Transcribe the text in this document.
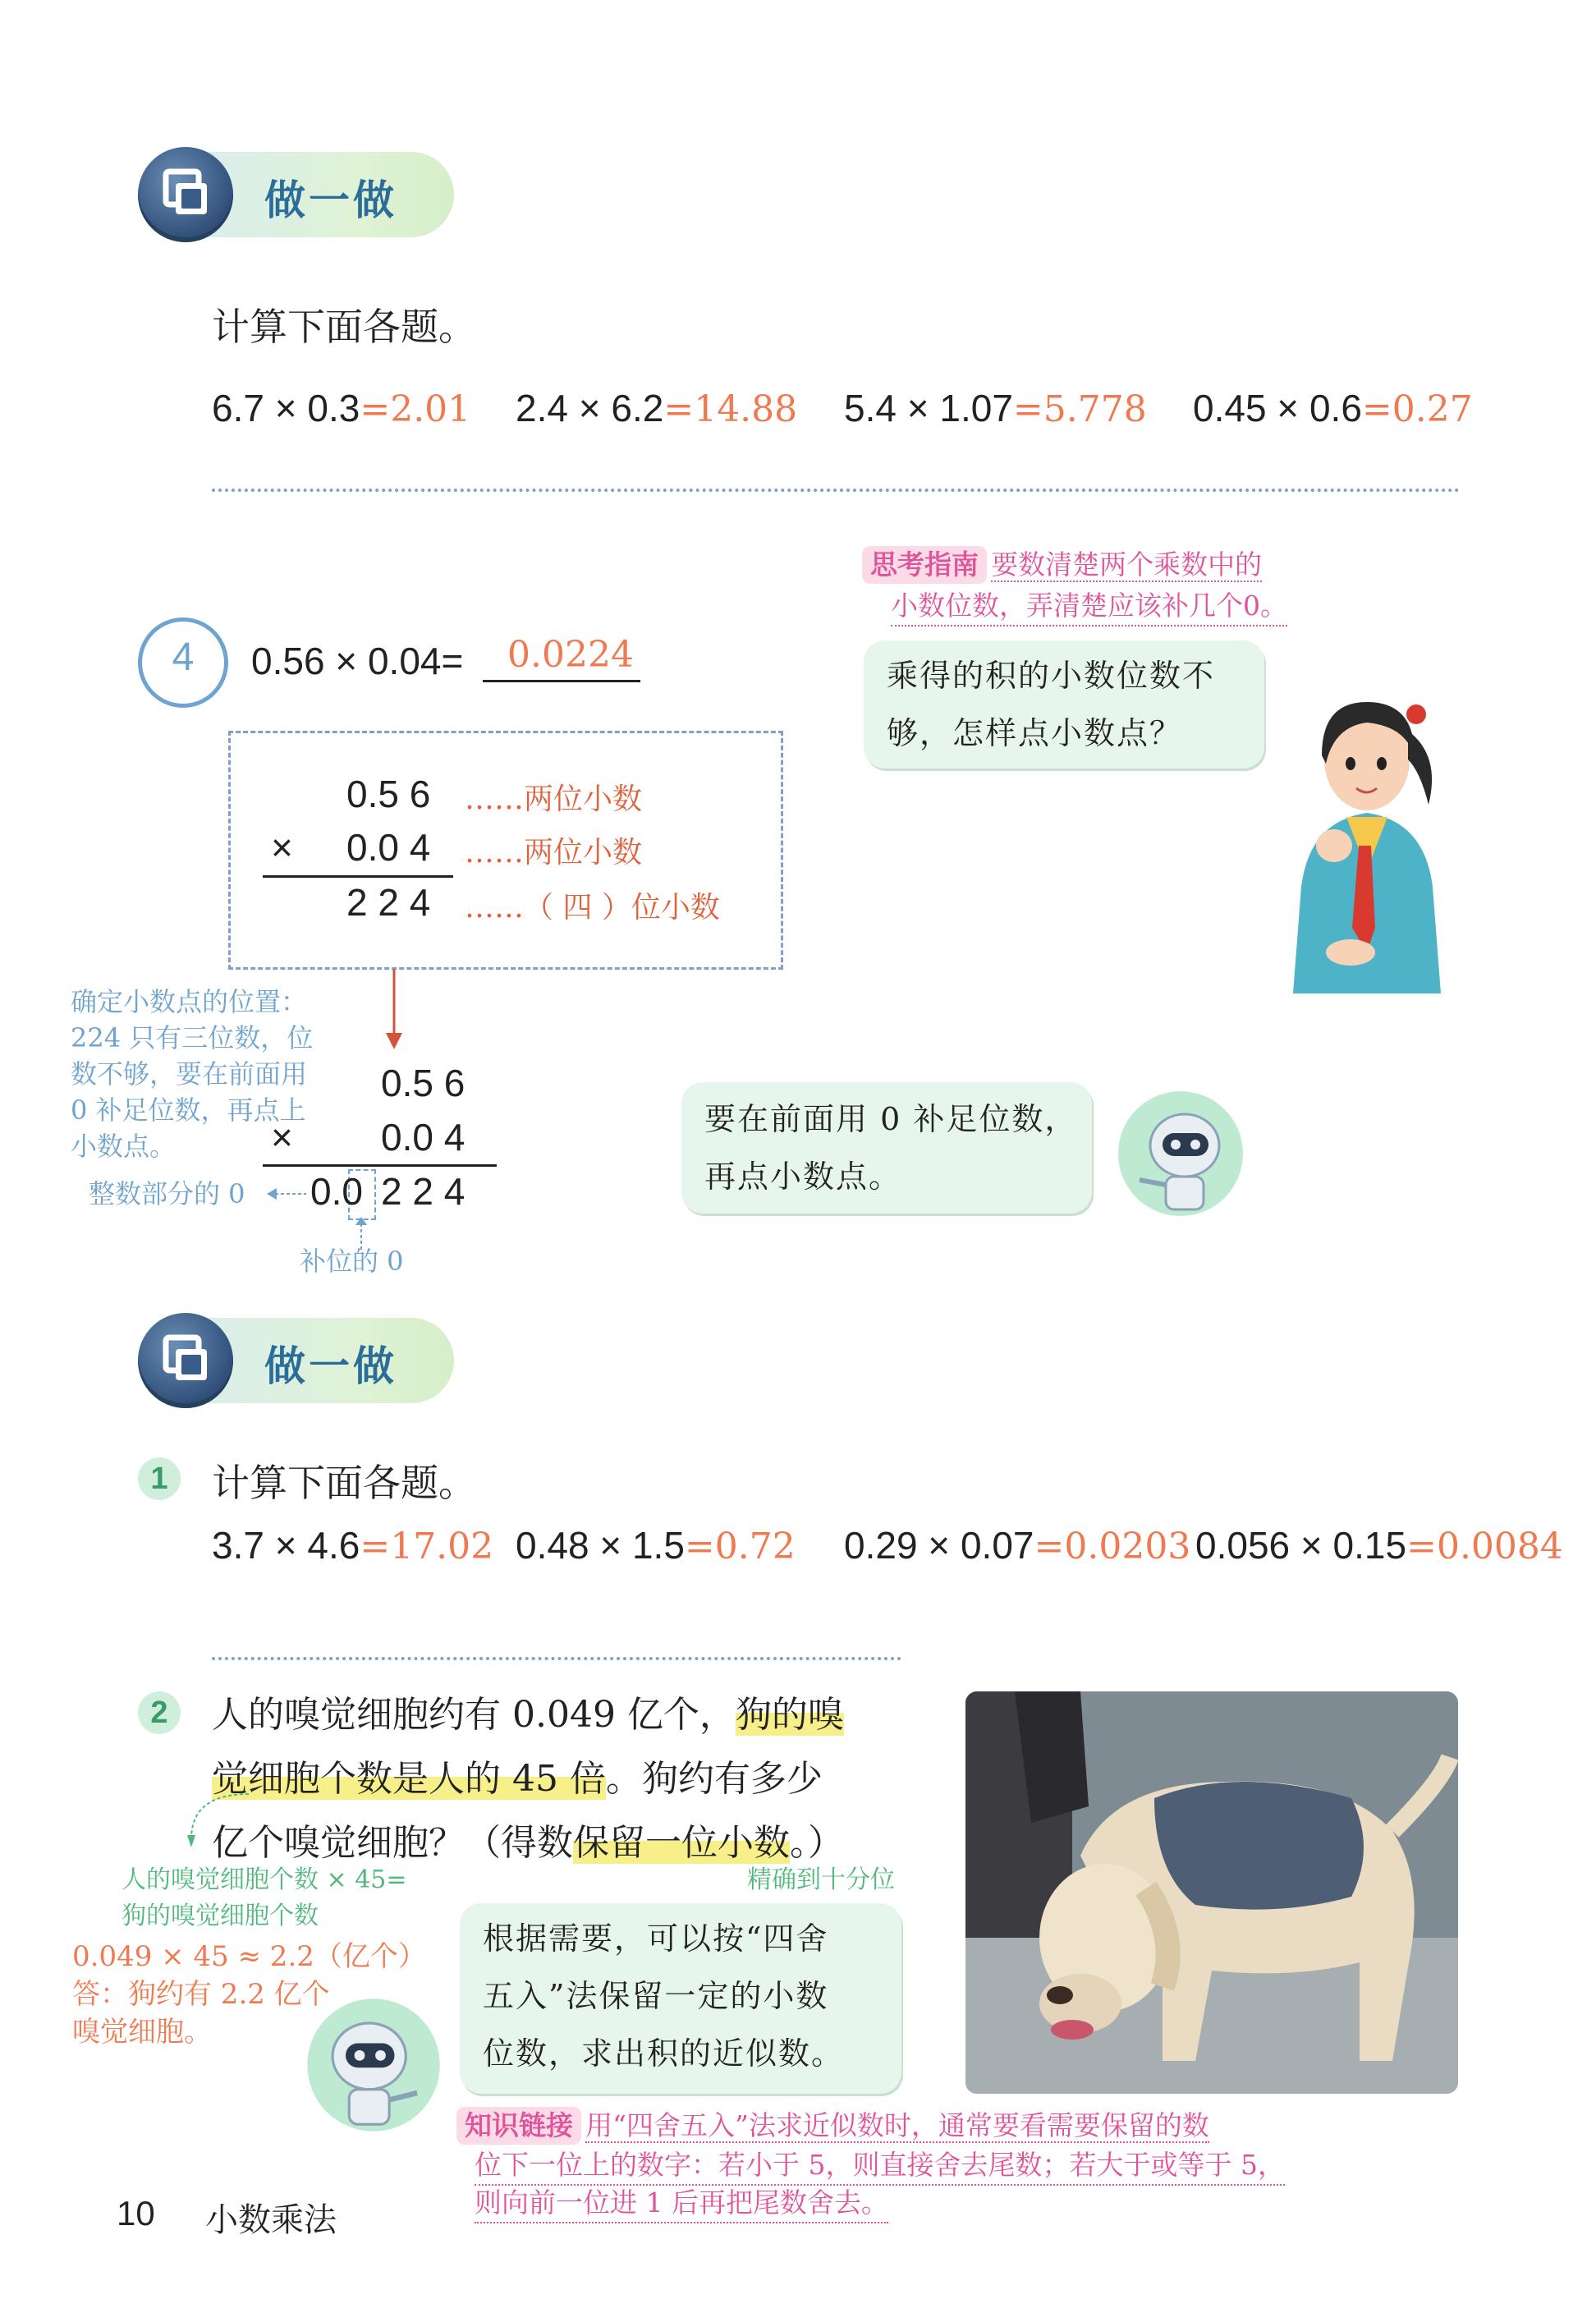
做一做
计算下面各题。
6.7 × 0.3=2.01 2.4 × 6.2=14.88 5.4 × 1.07=5.778 0.45 × 0.6=0.27
4	0.56 × 0.04= 0.0224
思考指南 要数清楚两个乘数中的
小数位数，弄清楚应该补几个0。
乘得的积的小数位数不
够，怎样点小数点？
0.5 6 ……两位小数
× 0.0 4 ……两位小数
2 2 4 ……（ 四 ）位小数
确定小数点的位置：
224 只有三位数，位
数不够，要在前面用
0 补足位数，再点上
小数点。
0.5 6
× 0.0 4
0.0 2 2 4
整数部分的 0
补位的 0
要在前面用 0 补足位数，
再点小数点。
做一做
1	计算下面各题。
3.7 × 4.6=17.02 0.48 × 1.5=0.72 0.29 × 0.07=0.0203 0.056 × 0.15=0.0084
2	人的嗅觉细胞约有 0.049 亿个，狗的嗅
觉细胞个数是人的 45 倍。狗约有多少
亿个嗅觉细胞？（得数保留一位小数。）
人的嗅觉细胞个数 × 45=
狗的嗅觉细胞个数
精确到十分位
0.049 × 45 ≈ 2.2（亿个）
答：狗约有 2.2 亿个
嗅觉细胞。
根据需要，可以按“四舍
五入”法保留一定的小数
位数，求出积的近似数。
知识链接 用“四舍五入”法求近似数时，通常要看需要保留的数
位下一位上的数字：若小于 5，则直接舍去尾数；若大于或等于 5，
则向前一位进 1 后再把尾数舍去。
10 小数乘法
